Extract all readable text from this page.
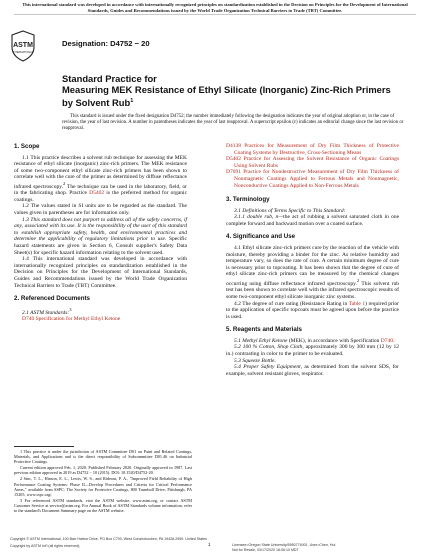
This international standard was developed in accordance with internationally recognized principles on standardization established in the Decision on Principles for the Development of International Standards, Guides and Recommendations issued by the World Trade Organization Technical Barriers to Trade (TBT) Committee.
ASTM
INTERNATIONAL
Designation: D4752 − 20
Standard Practice for
Measuring MEK Resistance of Ethyl Silicate (Inorganic) Zinc-Rich Primers by Solvent Rub$^1$
This standard is issued under the fixed designation D4752; the number immediately following the designation indicates the year of original adoption or, in the case of revision, the year of last revision. A number in parentheses indicates the year of last reapproval. A superscript epsilon (ε) indicates an editorial change since the last revision or reapproval.

1. Scope

1.1 This practice describes a solvent rub technique for assessing the MEK resistance of ethyl silicate (inorganic) zinc-rich primers. The MEK resistance of some two-component ethyl silicate zinc-rich primers has been shown to correlate well with the cure of the primer as determined by diffuse reflectance infrared spectroscopy.$^2$ The technique can be used in the laboratory, field, or in the fabricating shop. Practice D5402 is the preferred method for organic coatings.

1.2 The values stated in SI units are to be regarded as the standard. The values given in parentheses are for information only.

1.3 This standard does not purport to address all of the safety concerns, if any, associated with its use. It is the responsibility of the user of this standard to establish appropriate safety, health, and environmental practices and determine the applicability of regulatory limitations prior to use. Specific hazard statements are given in Section 6, Consult supplier's Safety Data Sheet(s) for specific hazard information relating to the solvent used.

1.4 This international standard was developed in accordance with internationally recognized principles on standardization established in the Decision on Principles for the Development of International Standards, Guides and Recommendations issued by the World Trade Organization Technical Barriers to Trade (TBT) Committee.

2. Referenced Documents

2.1 ASTM Standards:$^3$

D740 Specification for Methyl Ethyl Ketone

1 This practice is under the jurisdiction of ASTM Committee D01 on Paint and Related Coatings, Materials, and Applications and is the direct responsibility of Subcommittee D01.46 on Industrial Protective Coatings.

Current edition approved Feb. 1, 2020. Published February 2020. Originally approved in 1987. Last previous edition approved in 2019 as D4752 − 10 (2015). DOI: 10.1520/D4752-20.

2 Sinc, T. L., Hinson, E. L., Lewis, W. S., and Rideout, P. A., "Improved Field Reliability of High Performance Coating Systems: Phase II—Develop Procedures and Criteria for Critical Performance Areas," available from SSPC: The Society for Protective Coatings, 800 Trumbull Drive, Pittsburgh, PA 15205, www.sspc.org/.

3 For referenced ASTM standards, visit the ASTM website, www.astm.org, or contact ASTM Customer Service at service@astm.org. For Annual Book of ASTM Standards volume information, refer to the standard's Document Summary page on the ASTM website.

D4138 Practices for Measurement of Dry Film Thickness of Protective Coating Systems by Destructive, Cross-Sectioning Means

D5402 Practice for Assessing the Solvent Resistance of Organic Coatings Using Solvent Rubs

D7091 Practice for Nondestructive Measurement of Dry Film Thickness of Nonmagnetic Coatings Applied to Ferrous Metals and Nonmagnetic, Nonconductive Coatings Applied to Non-Ferrous Metals

3. Terminology

3.1 Definitions of Terms Specific to This Standard:

3.1.1 double rub, n—the act of rubbing a solvent saturated cloth in one complete forward and backward motion over a coated surface.

4. Significance and Use

4.1 Ethyl silicate zinc-rich primers cure by the reaction of the vehicle with moisture, thereby providing a binder for the zinc. As relative humidity and temperature vary, so does the rate of cure. A certain minimum degree of cure is necessary prior to topcoating. It has been shown that the degree of cure of ethyl silicate zinc-rich primers can be measured by the chemical changes occurring using diffuse reflectance infrared spectroscopy.$^2$ This solvent rub test has been shown to correlate well with the infrared spectroscopic results of some two-component ethyl silicate inorganic zinc systems.

4.2 The degree of cure rating (Resistance Rating in Table 1) required prior to the application of specific topcoats must be agreed upon before the practice is used.

5. Reagents and Materials

5.1 Methyl Ethyl Ketone (MEK), in accordance with Specification D740.

5.2 100 % Cotton, Shop Cloth, approximately 300 by 300 mm (12 by 12 in.) contrasting in color to the primer to be evaluated.

5.3 Squeeze Bottle.

5.4 Proper Safety Equipment, as determined from the solvent SDS, for example, solvent resistant gloves, respirator.

Copyright © ASTM International, 100 Barr Harbor Drive, PO Box C700, West Conshohocken, PA 19428-2959. United States
1
Copyright by ASTM Int'l (all rights reserved);	Licensee=Oregon State University/5950774001, User=Chen, Hui
Not for Resale, 03/17/2020 18:06:10 MDT
